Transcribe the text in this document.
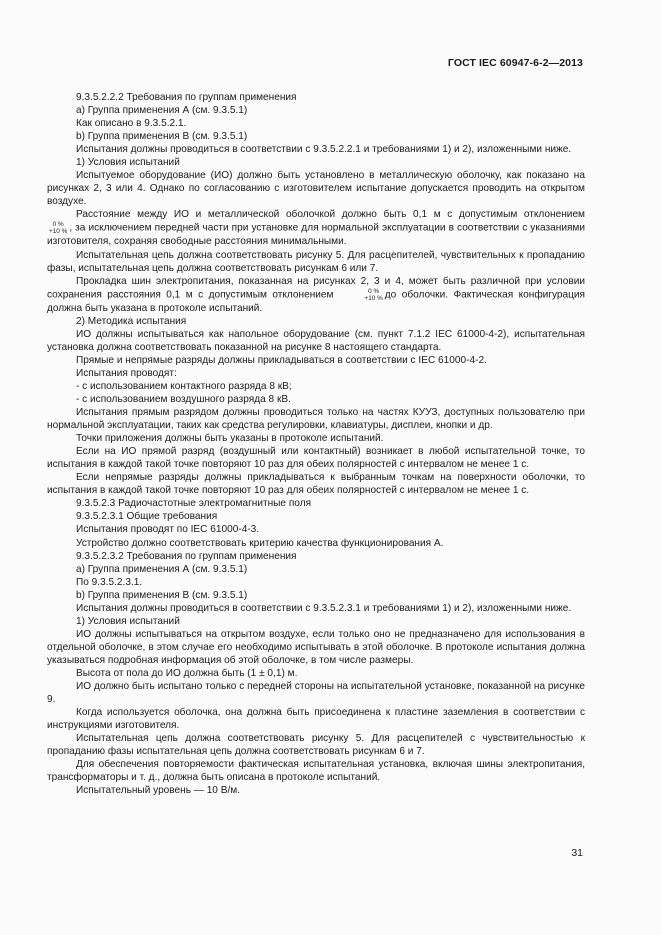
ГОСТ IEC 60947-6-2—2013

9.3.5.2.2.2 Требования по группам применения

а) Группа применения А (см. 9.3.5.1)

Как описано в 9.3.5.2.1.

b) Группа применения В (см. 9.3.5.1)

Испытания должны проводиться в соответствии с 9.3.5.2.2.1 и требованиями 1) и 2), изложенными ниже.

1) Условия испытаний

Испытуемое оборудование (ИО) должно быть установлено в металлическую оболочку, как показано на рисунках 2, 3 или 4. Однако по согласованию с изготовителем испытание допускается проводить на открытом воздухе.

Расстояние между ИО и металлической оболочкой должно быть 0,1 м с допустимым отклонением

0 %
+10 % , за исключением передней части при установке для нормальной эксплуатации в соответствии с указаниями изготовителя, сохраняя свободные расстояния минимальными.

Испытательная цепь должна соответствовать рисунку 5. Для расцепителей, чувствительных к пропаданию фазы, испытательная цепь должна соответствовать рисункам 6 или 7.

Прокладка шин электропитания, показанная на рисунках 2, 3 и 4, может быть различной при условии сохранения расстояния 0,1 м с допустимым отклонением	0 %
+10 % до оболочки. Фактическая конфигурация должна быть указана в протоколе испытаний.

2) Методика испытания

ИО должны испытываться как напольное оборудование (см. пункт 7.1.2 IEC 61000-4-2), испытательная установка должна соответствовать показанной на рисунке 8 настоящего стандарта.

Прямые и непрямые разряды должны прикладываться в соответствии с IEC 61000-4-2.

Испытания проводят:

- с использованием контактного разряда 8 кВ;

- с использованием воздушного разряда 8 кВ.

Испытания прямым разрядом должны проводиться только на частях КУУЗ, доступных пользователю при нормальной эксплуатации, таких как средства регулировки, клавиатуры, дисплеи, кнопки и др.

Точки приложения должны быть указаны в протоколе испытаний.

Если на ИО прямой разряд (воздушный или контактный) возникает в любой испытательной точке, то испытания в каждой такой точке повторяют 10 раз для обеих полярностей с интервалом не менее 1 с.

Если непрямые разряды должны прикладываться к выбранным точкам на поверхности оболочки, то испытания в каждой такой точке повторяют 10 раз для обеих полярностей с интервалом не менее 1 с.

9.3.5.2.3 Радиочастотные электромагнитные поля

9.3.5.2.3.1 Общие требования

Испытания проводят по IEC 61000-4-3.

Устройство должно соответствовать критерию качества функционирования А.

9.3.5.2.3.2 Требования по группам применения

а) Группа применения А (см. 9.3.5.1)

По 9.3.5.2.3.1.

b) Группа применения В (см. 9.3.5.1)

Испытания должны проводиться в соответствии с 9.3.5.2.3.1 и требованиями 1) и 2), изложенными ниже.

1) Условия испытаний

ИО должны испытываться на открытом воздухе, если только оно не предназначено для использования в отдельной оболочке, в этом случае его необходимо испытывать в этой оболочке. В протоколе испытания должна указываться подробная информация об этой оболочке, в том числе размеры.

Высота от пола до ИО должна быть (1 ± 0,1) м.

ИО должно быть испытано только с передней стороны на испытательной установке, показанной на рисунке 9.

Когда используется оболочка, она должна быть присоединена к пластине заземления в соответствии с инструкциями изготовителя.

Испытательная цепь должна соответствовать рисунку 5. Для расцепителей с чувствительностью к пропаданию фазы испытательная цепь должна соответствовать рисункам 6 и 7.

Для обеспечения повторяемости фактическая испытательная установка, включая шины электропитания, трансформаторы и т. д., должна быть описана в протоколе испытаний.

Испытательный уровень — 10 В/м.

31
